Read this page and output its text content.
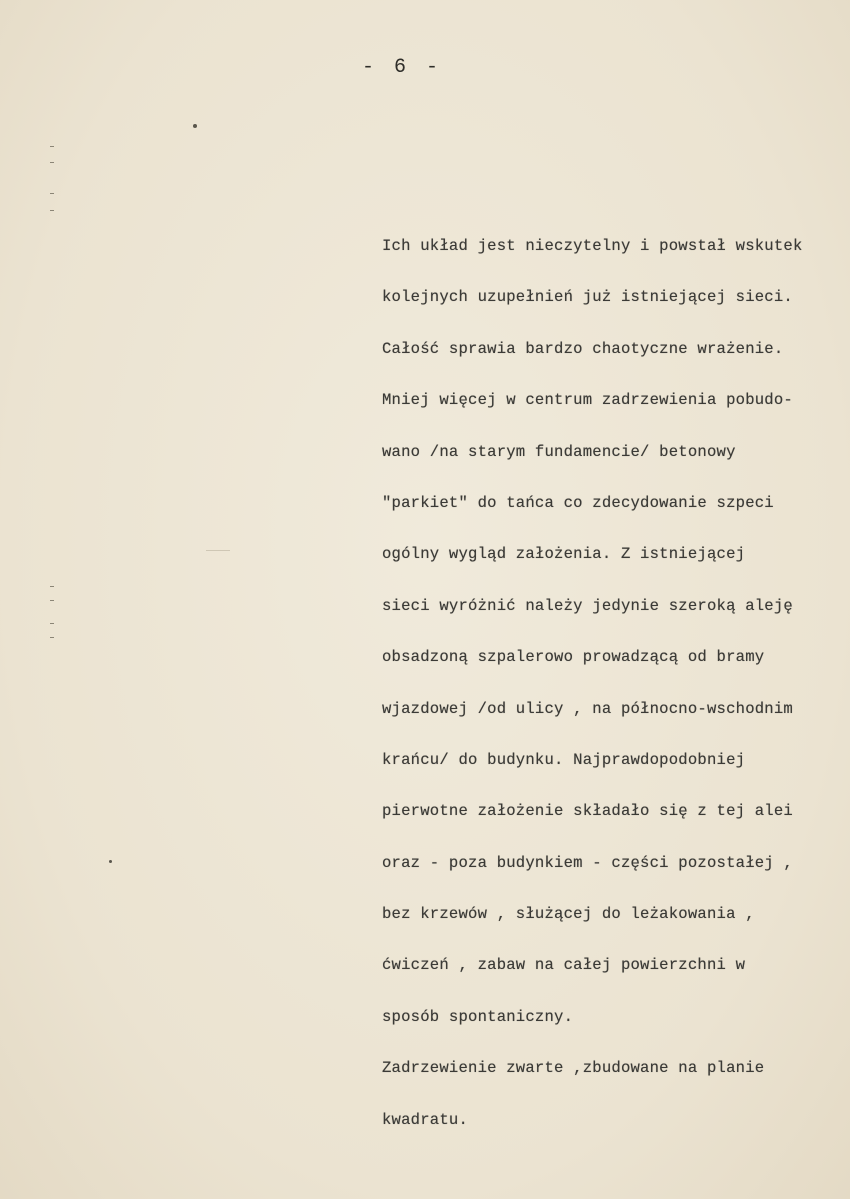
- 6 -
Ich układ jest nieczytelny i powstał wskutek
kolejnych uzupełnień już istniejącej sieci.
Całość sprawia bardzo chaotyczne wrażenie.
Mniej więcej w centrum zadrzewienia pobudo-
wano /na starym fundamencie/ betonowy
"parkiet" do tańca co zdecydowanie szpeci
ogólny wygląd założenia. Z istniejącej
sieci wyróżnić należy jedynie szeroką aleję
obsadzoną szpalerowo prowadzącą od bramy
wjazdowej /od ulicy , na północno-wschodnim
krańcu/ do budynku. Najprawdopodobniej
pierwotne założenie składało się z tej alei
oraz - poza budynkiem - części pozostałej ,
bez krzewów , służącej do leżakowania ,
ćwiczeń , zabaw na całej powierzchni w
sposób spontaniczny.
Zadrzewienie zwarte ,zbudowane na planie
kwadratu.
